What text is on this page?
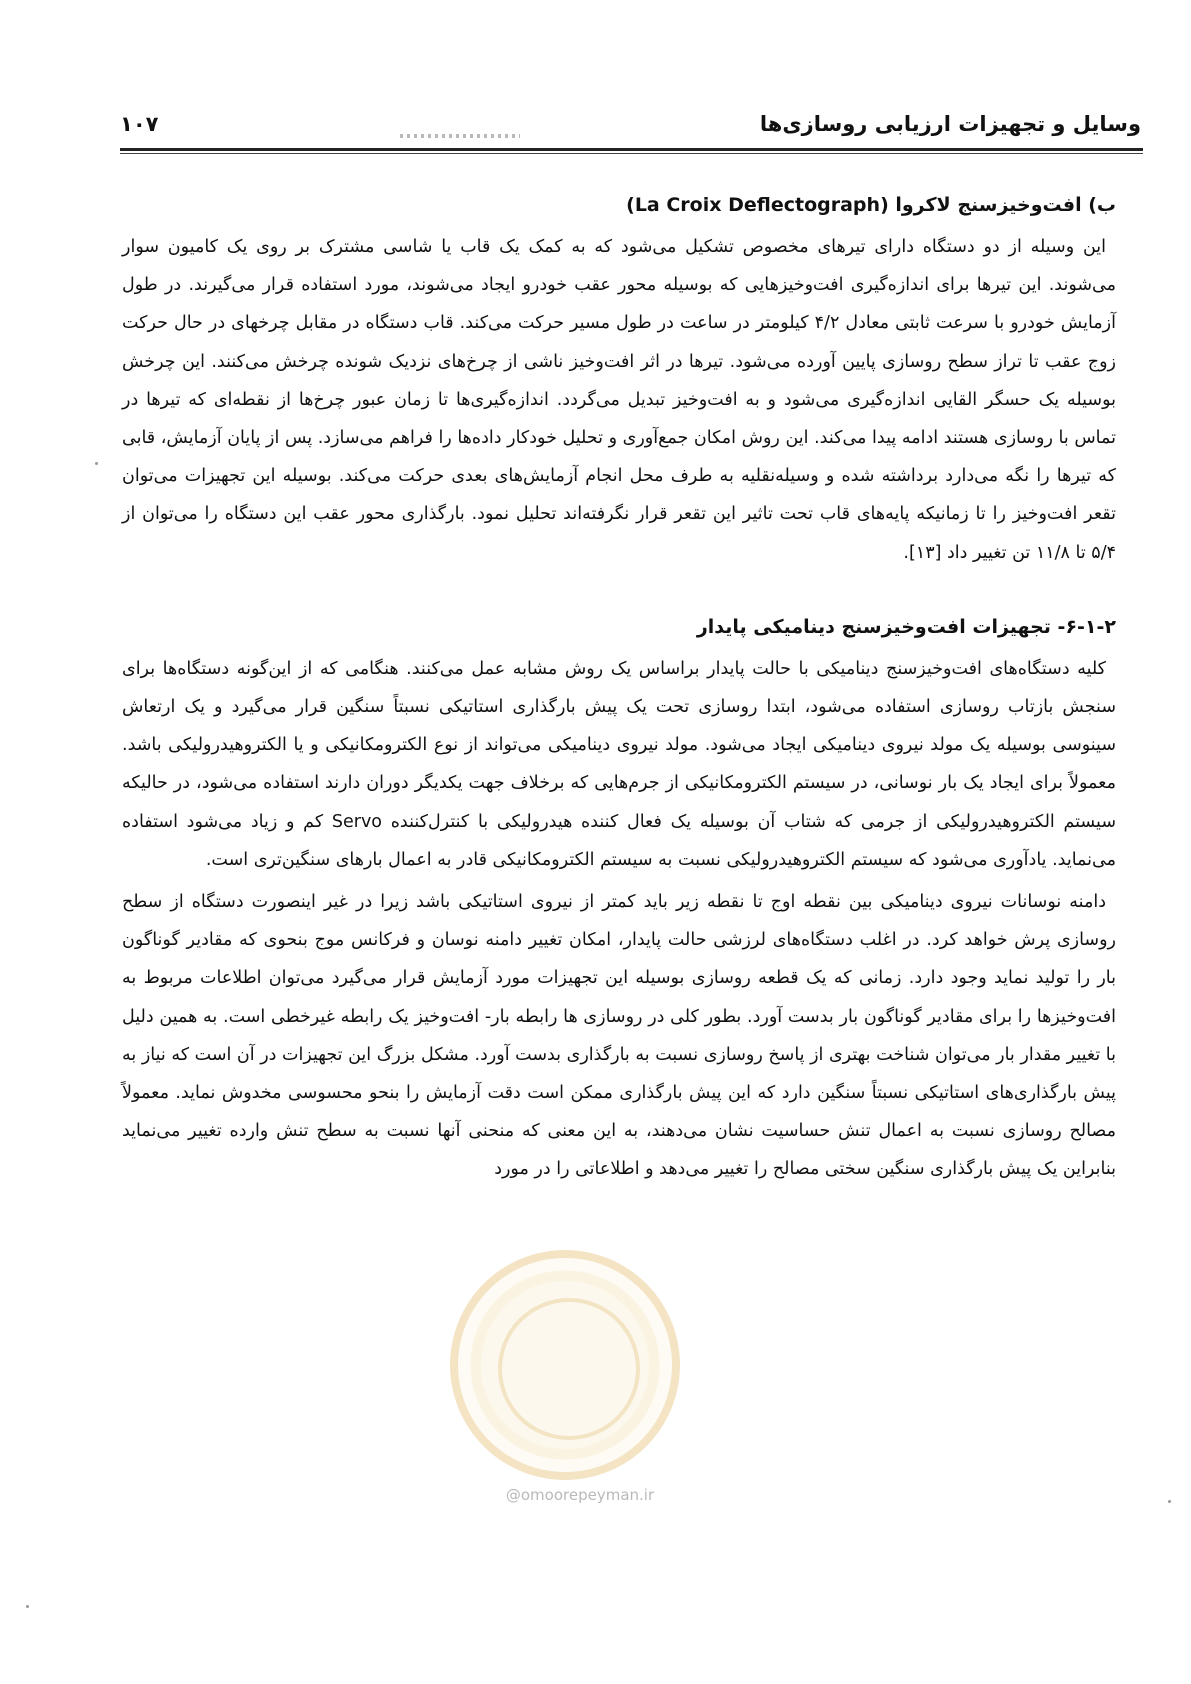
وسایل و تجهیزات ارزیابی روسازی‌ها
۱۰۷
ب) افت‌وخیزسنج لاکروا (La Croix Deflectograph)

این وسیله از دو دستگاه دارای تیرهای مخصوص تشکیل می‌شود که به کمک یک قاب یا شاسی مشترک بر روی یک کامیون سوار می‌شوند. این تیرها برای اندازه‌گیری افت‌وخیزهایی که بوسیله محور عقب خودرو ایجاد می‌شوند، مورد استفاده قرار می‌گیرند. در طول آزمایش خودرو با سرعت ثابتی معادل ۴/۲ کیلومتر در ساعت در طول مسیر حرکت می‌کند. قاب دستگاه در مقابل چرخهای در حال حرکت زوج عقب تا تراز سطح روسازی پایین آورده می‌شود. تیرها در اثر افت‌وخیز ناشی از چرخ‌های نزدیک شونده چرخش می‌کنند. این چرخش بوسیله یک حسگر القایی اندازه‌گیری می‌شود و به افت‌وخیز تبدیل می‌گردد. اندازه‌گیری‌ها تا زمان عبور چرخ‌ها از نقطه‌ای که تیرها در تماس با روسازی هستند ادامه پیدا می‌کند. این روش امکان جمع‌آوری و تحلیل خودکار داده‌ها را فراهم می‌سازد. پس از پایان آزمایش، قابی که تیرها را نگه می‌دارد برداشته شده و وسیله‌نقلیه به طرف محل انجام آزمایش‌های بعدی حرکت می‌کند. بوسیله این تجهیزات می‌توان تقعر افت‌وخیز را تا زمانیکه پایه‌های قاب تحت تاثیر این تقعر قرار نگرفته‌اند تحلیل نمود. بارگذاری محور عقب این دستگاه را می‌توان از ۵/۴ تا ۱۱/۸ تن تغییر داد [۱۳].

۶-۱-۲- تجهیزات افت‌وخیزسنج دینامیکی پایدار

کلیه دستگاه‌های افت‌وخیزسنج دینامیکی با حالت پایدار براساس یک روش مشابه عمل می‌کنند. هنگامی که از این‌گونه دستگاه‌ها برای سنجش بازتاب روسازی استفاده می‌شود، ابتدا روسازی تحت یک پیش بارگذاری استاتیکی نسبتاً سنگین قرار می‌گیرد و یک ارتعاش سینوسی بوسیله یک مولد نیروی دینامیکی ایجاد می‌شود. مولد نیروی دینامیکی می‌تواند از نوع الکترومکانیکی و یا الکتروهیدرولیکی باشد. معمولاً برای ایجاد یک بار نوسانی، در سیستم الکترومکانیکی از جرم‌هایی که برخلاف جهت یکدیگر دوران دارند استفاده می‌شود، در حالیکه سیستم الکتروهیدرولیکی از جرمی که شتاب آن بوسیله یک فعال کننده هیدرولیکی با کنترل‌کننده Servo کم و زیاد می‌شود استفاده می‌نماید. یادآوری می‌شود که سیستم الکتروهیدرولیکی نسبت به سیستم الکترومکانیکی قادر به اعمال بارهای سنگین‌تری است.

دامنه نوسانات نیروی دینامیکی بین نقطه اوج تا نقطه زیر باید کمتر از نیروی استاتیکی باشد زیرا در غیر اینصورت دستگاه از سطح روسازی پرش خواهد کرد. در اغلب دستگاه‌های لرزشی حالت پایدار، امکان تغییر دامنه نوسان و فرکانس موج بنحوی که مقادیر گوناگون بار را تولید نماید وجود دارد. زمانی که یک قطعه روسازی بوسیله این تجهیزات مورد آزمایش قرار می‌گیرد می‌توان اطلاعات مربوط به افت‌وخیزها را برای مقادیر گوناگون بار بدست آورد. بطور کلی در روسازی ها رابطه بار- افت‌وخیز یک رابطه غیرخطی است. به همین دلیل با تغییر مقدار بار می‌توان شناخت بهتری از پاسخ روسازی نسبت به بارگذاری بدست آورد. مشکل بزرگ این تجهیزات در آن است که نیاز به پیش بارگذاری‌های استاتیکی نسبتاً سنگین دارد که این پیش بارگذاری ممکن است دقت آزمایش را بنحو محسوسی مخدوش نماید. معمولاً مصالح روسازی نسبت به اعمال تنش حساسیت نشان می‌دهند، به این معنی که منحنی آنها نسبت به سطح تنش وارده تغییر می‌نماید بنابراین یک پیش بارگذاری سنگین سختی مصالح را تغییر می‌دهد و اطلاعاتی را در مورد

@omoorepeyman.ir
